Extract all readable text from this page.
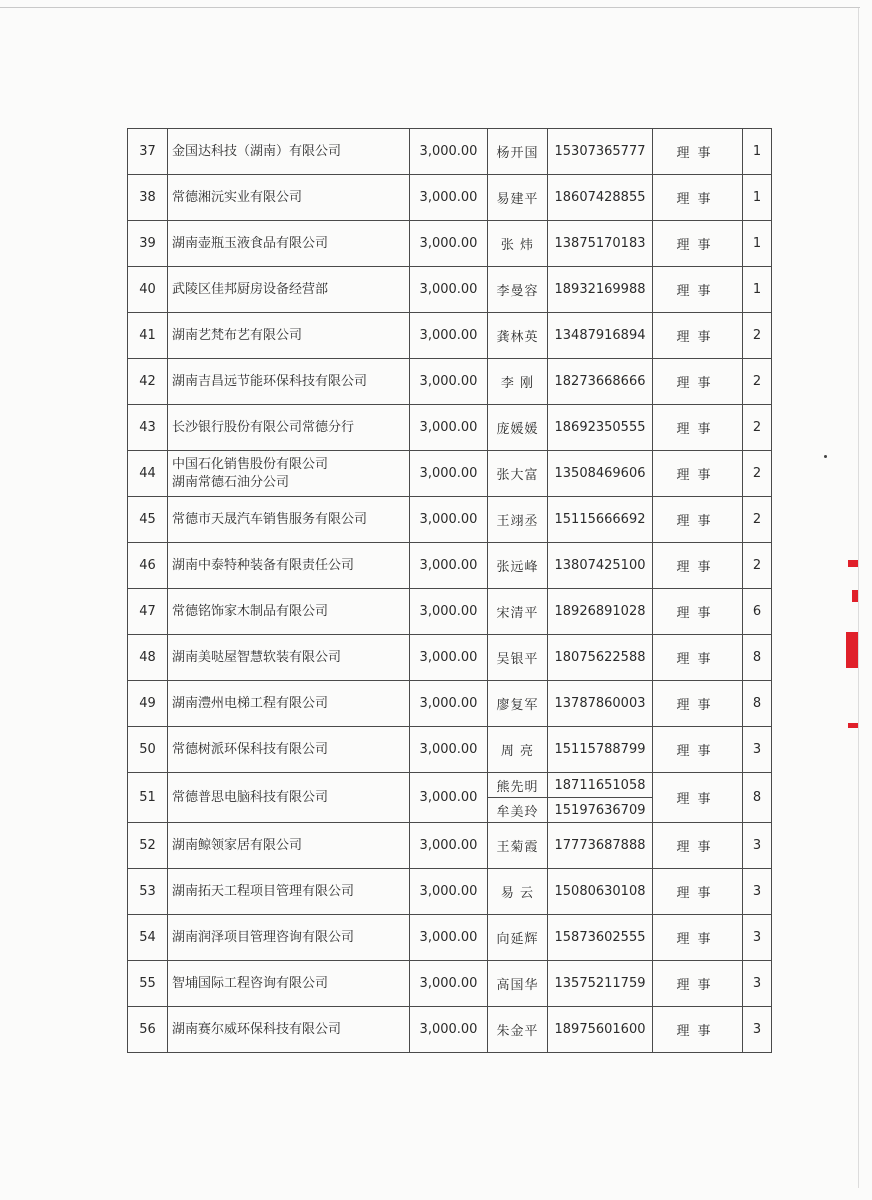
37	金国达科技（湖南）有限公司	3,000.00	杨开国	15307365777	理事	1
38	常德湘沅实业有限公司	3,000.00	易建平	18607428855	理事	1
39	湖南壶瓶玉液食品有限公司	3,000.00	张 炜	13875170183	理事	1
40	武陵区佳邦厨房设备经营部	3,000.00	李曼容	18932169988	理事	1
41	湖南艺梵布艺有限公司	3,000.00	龚林英	13487916894	理事	2
42	湖南吉昌远节能环保科技有限公司	3,000.00	李 刚	18273668666	理事	2
43	长沙银行股份有限公司常德分行	3,000.00	庞媛媛	18692350555	理事	2
44	中国石化销售股份有限公司
湖南常德石油分公司	3,000.00	张大富	13508469606	理事	2
45	常德市天晟汽车销售服务有限公司	3,000.00	王翊丞	15115666692	理事	2
46	湖南中泰特种装备有限责任公司	3,000.00	张远峰	13807425100	理事	2
47	常德铭饰家木制品有限公司	3,000.00	宋清平	18926891028	理事	6
48	湖南美哒屋智慧软装有限公司	3,000.00	吴银平	18075622588	理事	8
49	湖南澧州电梯工程有限公司	3,000.00	廖复军	13787860003	理事	8
50	常德树派环保科技有限公司	3,000.00	周 亮	15115788799	理事	3
51	常德普思电脑科技有限公司	3,000.00	熊先明	18711651058	理事	8
			牟美玲	15197636709		
52	湖南鲸领家居有限公司	3,000.00	王菊霞	17773687888	理事	3
53	湖南拓天工程项目管理有限公司	3,000.00	易 云	15080630108	理事	3
54	湖南润泽项目管理咨询有限公司	3,000.00	向延辉	15873602555	理事	3
55	智埔国际工程咨询有限公司	3,000.00	高国华	13575211759	理事	3
56	湖南赛尔威环保科技有限公司	3,000.00	朱金平	18975601600	理事	3
